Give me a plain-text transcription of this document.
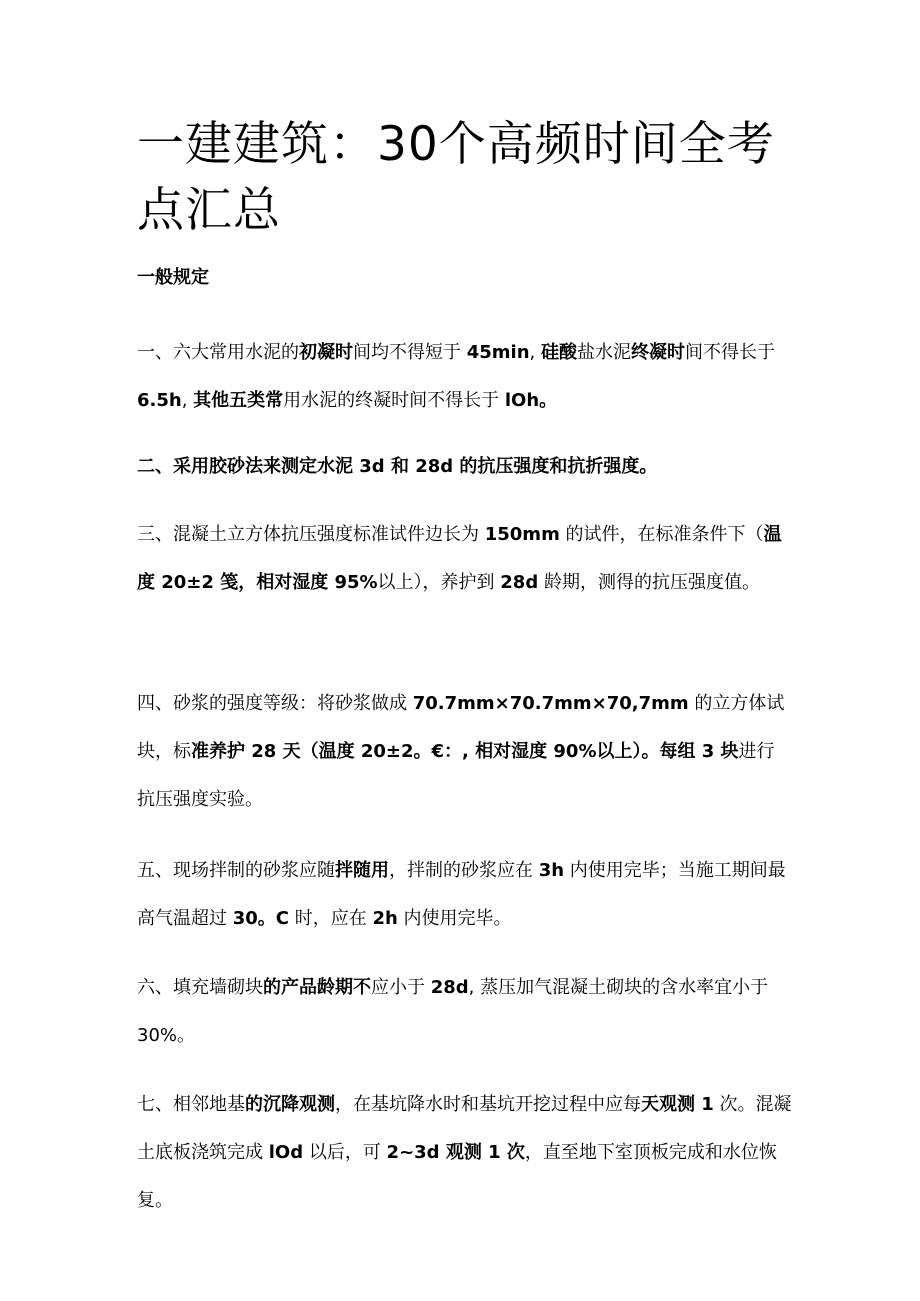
一建建筑：30个高频时间全考点汇总
一般规定

一、六大常用水泥的初凝时间均不得短于 45min, 硅酸盐水泥终凝时间不得长于 6.5h, 其他五类常用水泥的终凝时间不得长于 lOh。

二、采用胶砂法来测定水泥 3d 和 28d 的抗压强度和抗折强度。

三、混凝土立方体抗压强度标准试件边长为 150mm 的试件，在标准条件下（温度 20±2 笺，相对湿度 95%以上），养护到 28d 龄期，测得的抗压强度值。

四、砂浆的强度等级：将砂浆做成 70.7mm×70.7mm×70,7mm 的立方体试块，标准养护 28 天（温度 20±2。€：, 相对湿度 90%以上）。每组 3 块进行抗压强度实验。

五、现场拌制的砂浆应随拌随用，拌制的砂浆应在 3h 内使用完毕；当施工期间最高气温超过 30。C 时，应在 2h 内使用完毕。

六、填充墙砌块的产品龄期不应小于 28d, 蒸压加气混凝土砌块的含水率宜小于 30%。

七、相邻地基的沉降观测，在基坑降水时和基坑开挖过程中应每天观测 1 次。混凝土底板浇筑完成 lOd 以后，可 2~3d 观测 1 次，直至地下室顶板完成和水位恢复。
